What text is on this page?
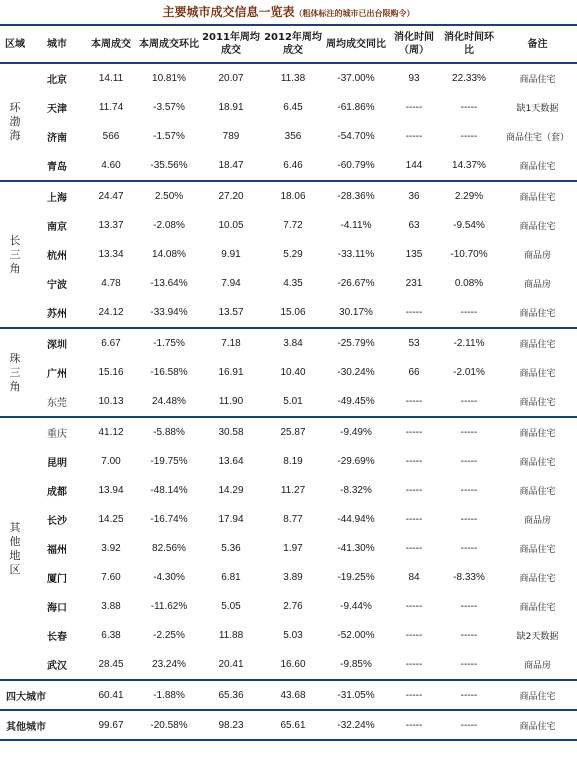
主要城市成交信息一览表（粗体标注的城市已出台限购令）
区域	城市	本周成交	本周成交环比	2011年周均成交	2012年周均成交	周均成交同比	消化时间（周）	消化时间环比	备注
环渤海	北京	14.11	10.81%	20.07	11.38	-37.00%	93	22.33%	商品住宅
	天津	11.74	-3.57%	18.91	6.45	-61.86%	-----	-----	缺1天数据
	济南	566	-1.57%	789	356	-54.70%	-----	-----	商品住宅（套）
	青岛	4.60	-35.56%	18.47	6.46	-60.79%	144	14.37%	商品住宅
长三角	上海	24.47	2.50%	27.20	18.06	-28.36%	36	2.29%	商品住宅
	南京	13.37	-2.08%	10.05	7.72	-4.11%	63	-9.54%	商品住宅
	杭州	13.34	14.08%	9.91	5.29	-33.11%	135	-10.70%	商品房
	宁波	4.78	-13.64%	7.94	4.35	-26.67%	231	0.08%	商品房
	苏州	24.12	-33.94%	13.57	15.06	30.17%	-----	-----	商品住宅
珠三角	深圳	6.67	-1.75%	7.18	3.84	-25.79%	53	-2.11%	商品住宅
	广州	15.16	-16.58%	16.91	10.40	-30.24%	66	-2.01%	商品住宅
	东莞	10.13	24.48%	11.90	5.01	-49.45%	-----	-----	商品住宅
其他地区	重庆	41.12	-5.88%	30.58	25.87	-9.49%	-----	-----	商品住宅
	昆明	7.00	-19.75%	13.64	8.19	-29.69%	-----	-----	商品住宅
	成都	13.94	-48.14%	14.29	11.27	-8.32%	-----	-----	商品住宅
	长沙	14.25	-16.74%	17.94	8.77	-44.94%	-----	-----	商品房
	福州	3.92	82.56%	5.36	1.97	-41.30%	-----	-----	商品住宅
	厦门	7.60	-4.30%	6.81	3.89	-19.25%	84	-8.33%	商品住宅
	海口	3.88	-11.62%	5.05	2.76	-9.44%	-----	-----	商品住宅
	长春	6.38	-2.25%	11.88	5.03	-52.00%	-----	-----	缺2天数据
	武汉	28.45	23.24%	20.41	16.60	-9.85%	-----	-----	商品房
四大城市		60.41	-1.88%	65.36	43.68	-31.05%	-----	-----	商品住宅
其他城市		99.67	-20.58%	98.23	65.61	-32.24%	-----	-----	商品住宅
